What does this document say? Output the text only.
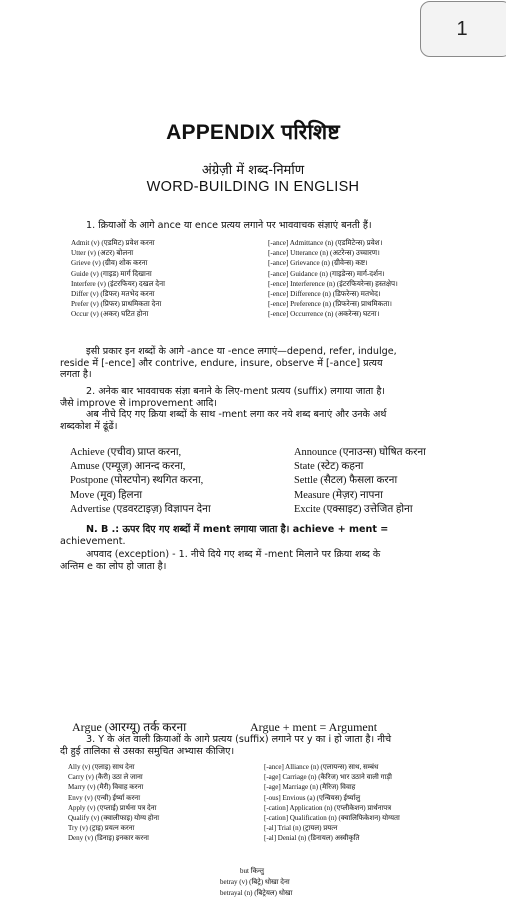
1
APPENDIX परिशिष्ट
अंग्रेज़ी में शब्द-निर्माण
WORD-BUILDING IN ENGLISH
1. क्रियाओं के आगे ance या ence प्रत्यय लगाने पर भाववाचक संज्ञाएं बनती हैं।
Admit (v) (एडमिट) प्रवेश करना
Utter (v) (अटर) बोलना
Grieve (v) (ग्रीव) शोक करना
Guide (v) (गाइड) मार्ग दिखाना
Interfere (v) (इंटरफियर) दखल देना
Differ (v) (डिफर) मतभेद करना
Prefer (v) (प्रिफर) प्राथमिकता देना
Occur (v) (अकर) घटित होना
[-ance] Admittance (n) (एडमिटेन्स) प्रवेश।
[-ance] Utterance (n) (अटरेन्स) उच्चारण।
[-ance] Grievance (n) (ग्रीवेन्स) कष्ट।
[-ance] Guidance (n) (गाइडेन्स) मार्ग-दर्शन।
[-ence] Interference (n) (इंटरफियरेन्स) हस्तक्षेप।
[-ence] Difference (n) (डिफरेन्स) मतभेद।
[-ence] Preference (n) (प्रिफरेन्स) प्राथमिकता।
[-ence] Occurrence (n) (अकरेन्स) घटना।
इसी प्रकार इन शब्दों के आगे -ance या -ence लगाएं—depend, refer, indulge,
reside में [-ence] और contrive, endure, insure, observe में [-ance] प्रत्यय
लगता है।
2. अनेक बार भाववाचक संज्ञा बनाने के लिए-ment प्रत्यय (suffix) लगाया जाता है।
जैसे improve से improvement आदि।
अब नीचे दिए गए क्रिया शब्दों के साथ -ment लगा कर नये शब्द बनाएं और उनके अर्थ
शब्दकोश में ढूंढें।
Achieve (एचीव) प्राप्त करना,
Amuse (एम्यूज़) आनन्द करना,
Postpone (पोस्टपोन) स्थगित करना,
Move (मूव) हिलना
Advertise (एडवरटाइज़) विज्ञापन देना
Announce (एनाउन्स) घोषित करना
State (स्टेट) कहना
Settle (सैटल) फैसला करना
Measure (मेज़र) नापना
Excite (एक्साइट) उत्तेजित होना
N. B .: ऊपर दिए गए शब्दों में ment लगाया जाता है। achieve + ment =
achievement.
अपवाद (exception) - 1. नीचे दिये गए शब्द में -ment मिलाने पर क्रिया शब्द के
अन्तिम e का लोप हो जाता है।
Argue (आरग्यू) तर्क करना	Argue + ment = Argument
3. Y के अंत वाली क्रियाओं के आगे प्रत्यय (suffix) लगाने पर y का i हो जाता है। नीचे
दी हुई तालिका से उसका समुचित अभ्यास कीजिए।
Ally (v) (एलाइ) साथ देना
Carry (v) (कैरी) उठा ले जाना
Marry (v) (मैरी) विवाह करना
Envy (v) (एन्वी) ईर्ष्या करना
Apply (v) (एप्लाई) प्रार्थना पत्र देना
Qualify (v) (क्वालीफाइ) योग्य होना
Try (v) (ट्राइ) प्रयत्न करना
Deny (v) (डिनाइ) इनकार करना
[-ance] Alliance (n) (एलायन्स) साथ, सम्बंध
[-age] Carriage (n) (कैरिज) भार उठाने वाली गाड़ी
[-age] Marriage (n) (मैरिज) विवाह
[-ous] Envious (a) (एन्वियस) ईर्ष्यालु
[-cation] Application (n) (एप्लीकेशन) प्रार्थनापत्र
[-cation] Qualification (n) (क्वालिफिकेशन) योग्यता
[-al] Trial (n) (ट्रायल) प्रयत्न
[-al] Denial (n) (डिनायल) अस्वीकृति
but किन्तु
betray (v) (बिट्रे) धोखा देना
betrayal (n) (बिट्रेयल) धोखा
